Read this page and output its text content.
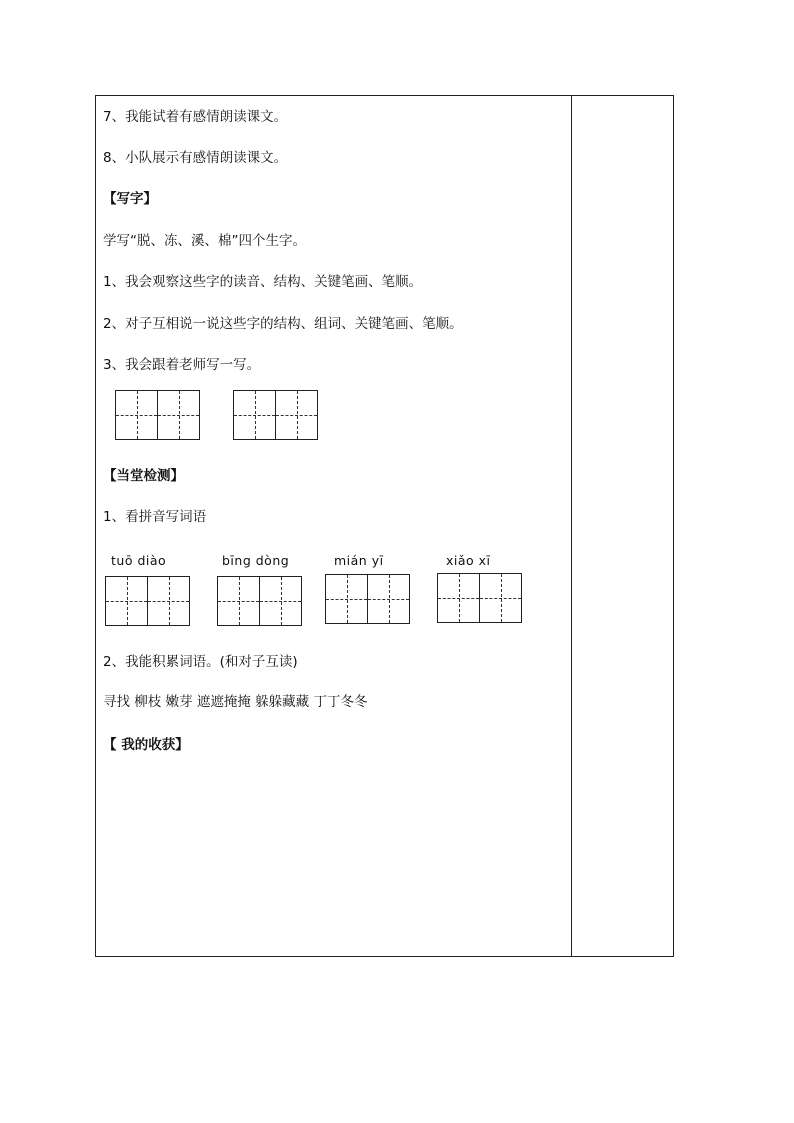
7、我能试着有感情朗读课文。
8、小队展示有感情朗读课文。
【写字】
学写“脱、冻、溪、棉”四个生字。
1、我会观察这些字的读音、结构、关键笔画、笔顺。
2、对子互相说一说这些字的结构、组词、关键笔画、笔顺。
3、我会跟着老师写一写。
【当堂检测】
1、看拼音写词语
tuō diào	bīng dòng	mián yī	xiǎo xī
2、我能积累词语。(和对子互读)
寻找 柳枝 嫩芽 遮遮掩掩 躲躲藏藏 丁丁冬冬
【 我的收获】
